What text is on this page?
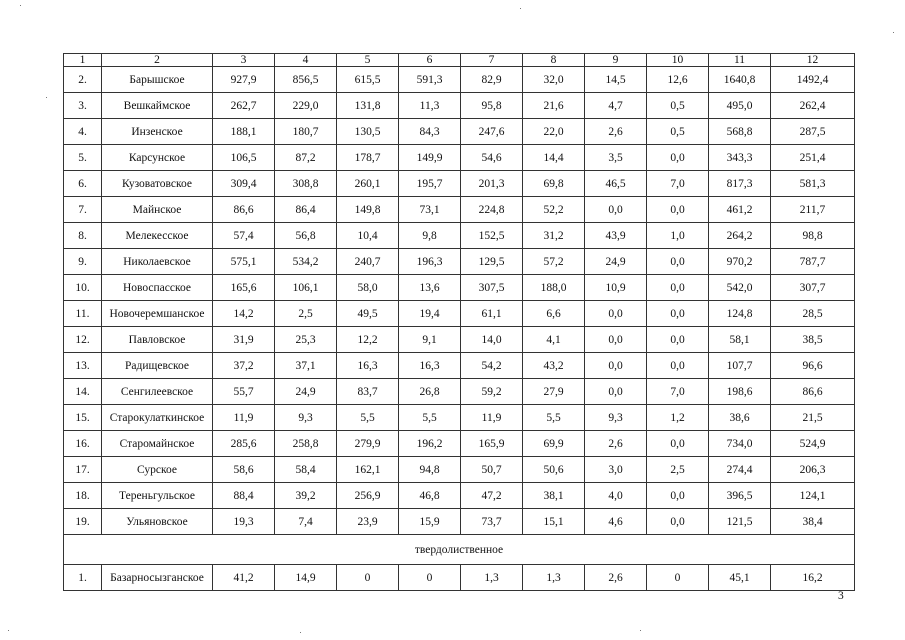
1	2	3	4	5	6	7	8	9	10	11	12
2.	Барышское	927,9	856,5	615,5	591,3	82,9	32,0	14,5	12,6	1640,8	1492,4
3.	Вешкаймское	262,7	229,0	131,8	11,3	95,8	21,6	4,7	0,5	495,0	262,4
4.	Инзенское	188,1	180,7	130,5	84,3	247,6	22,0	2,6	0,5	568,8	287,5
5.	Карсунское	106,5	87,2	178,7	149,9	54,6	14,4	3,5	0,0	343,3	251,4
6.	Кузоватовское	309,4	308,8	260,1	195,7	201,3	69,8	46,5	7,0	817,3	581,3
7.	Майнское	86,6	86,4	149,8	73,1	224,8	52,2	0,0	0,0	461,2	211,7
8.	Мелекесское	57,4	56,8	10,4	9,8	152,5	31,2	43,9	1,0	264,2	98,8
9.	Николаевское	575,1	534,2	240,7	196,3	129,5	57,2	24,9	0,0	970,2	787,7
10.	Новоспасское	165,6	106,1	58,0	13,6	307,5	188,0	10,9	0,0	542,0	307,7
11.	Новочеремшанское	14,2	2,5	49,5	19,4	61,1	6,6	0,0	0,0	124,8	28,5
12.	Павловское	31,9	25,3	12,2	9,1	14,0	4,1	0,0	0,0	58,1	38,5
13.	Радищевское	37,2	37,1	16,3	16,3	54,2	43,2	0,0	0,0	107,7	96,6
14.	Сенгилеевское	55,7	24,9	83,7	26,8	59,2	27,9	0,0	7,0	198,6	86,6
15.	Старокулаткинское	11,9	9,3	5,5	5,5	11,9	5,5	9,3	1,2	38,6	21,5
16.	Старомайнское	285,6	258,8	279,9	196,2	165,9	69,9	2,6	0,0	734,0	524,9
17.	Сурское	58,6	58,4	162,1	94,8	50,7	50,6	3,0	2,5	274,4	206,3
18.	Тереньгульское	88,4	39,2	256,9	46,8	47,2	38,1	4,0	0,0	396,5	124,1
19.	Ульяновское	19,3	7,4	23,9	15,9	73,7	15,1	4,6	0,0	121,5	38,4
твердолиственное											
1.	Базарносызганское	41,2	14,9	0	0	1,3	1,3	2,6	0	45,1	16,2
3
